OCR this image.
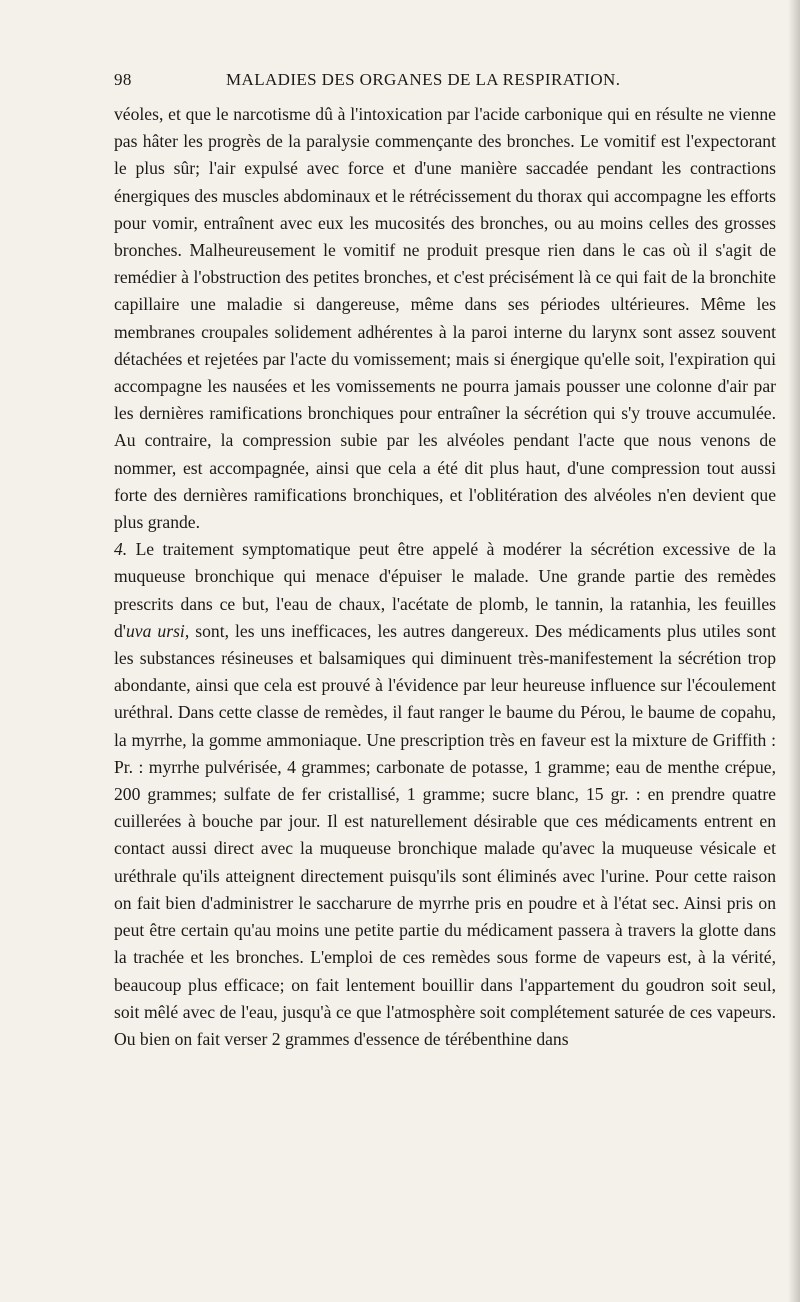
98	MALADIES DES ORGANES DE LA RESPIRATION.

véoles, et que le narcotisme dû à l'intoxication par l'acide carbonique qui en résulte ne vienne pas hâter les progrès de la paralysie commençante des bronches. Le vomitif est l'expectorant le plus sûr; l'air expulsé avec force et d'une manière saccadée pendant les contractions énergiques des muscles abdominaux et le rétrécissement du thorax qui accompagne les efforts pour vomir, entraînent avec eux les mucosités des bronches, ou au moins celles des grosses bronches. Malheureusement le vomitif ne produit presque rien dans le cas où il s'agit de remédier à l'obstruction des petites bronches, et c'est précisément là ce qui fait de la bronchite capillaire une maladie si dangereuse, même dans ses périodes ultérieures. Même les membranes croupales solidement adhérentes à la paroi interne du larynx sont assez souvent détachées et rejetées par l'acte du vomissement; mais si énergique qu'elle soit, l'expiration qui accompagne les nausées et les vomissements ne pourra jamais pousser une colonne d'air par les dernières ramifications bronchiques pour entraîner la sécrétion qui s'y trouve accumulée. Au contraire, la compression subie par les alvéoles pendant l'acte que nous venons de nommer, est accompagnée, ainsi que cela a été dit plus haut, d'une compression tout aussi forte des dernières ramifications bronchiques, et l'oblitération des alvéoles n'en devient que plus grande.

4. Le traitement symptomatique peut être appelé à modérer la sécrétion excessive de la muqueuse bronchique qui menace d'épuiser le malade. Une grande partie des remèdes prescrits dans ce but, l'eau de chaux, l'acétate de plomb, le tannin, la ratanhia, les feuilles d'uva ursi, sont, les uns inefficaces, les autres dangereux. Des médicaments plus utiles sont les substances résineuses et balsamiques qui diminuent très-manifestement la sécrétion trop abondante, ainsi que cela est prouvé à l'évidence par leur heureuse influence sur l'écoulement uréthral. Dans cette classe de remèdes, il faut ranger le baume du Pérou, le baume de copahu, la myrrhe, la gomme ammoniaque. Une prescription très en faveur est la mixture de Griffith : Pr. : myrrhe pulvérisée, 4 grammes; carbonate de potasse, 1 gramme; eau de menthe crépue, 200 grammes; sulfate de fer cristallisé, 1 gramme; sucre blanc, 15 gr. : en prendre quatre cuillerées à bouche par jour. Il est naturellement désirable que ces médicaments entrent en contact aussi direct avec la muqueuse bronchique malade qu'avec la muqueuse vésicale et uréthrale qu'ils atteignent directement puisqu'ils sont éliminés avec l'urine. Pour cette raison on fait bien d'administrer le saccharure de myrrhe pris en poudre et à l'état sec. Ainsi pris on peut être certain qu'au moins une petite partie du médicament passera à travers la glotte dans la trachée et les bronches. L'emploi de ces remèdes sous forme de vapeurs est, à la vérité, beaucoup plus efficace; on fait lentement bouillir dans l'appartement du goudron soit seul, soit mêlé avec de l'eau, jusqu'à ce que l'atmosphère soit complétement saturée de ces vapeurs. Ou bien on fait verser 2 grammes d'essence de térébenthine dans
